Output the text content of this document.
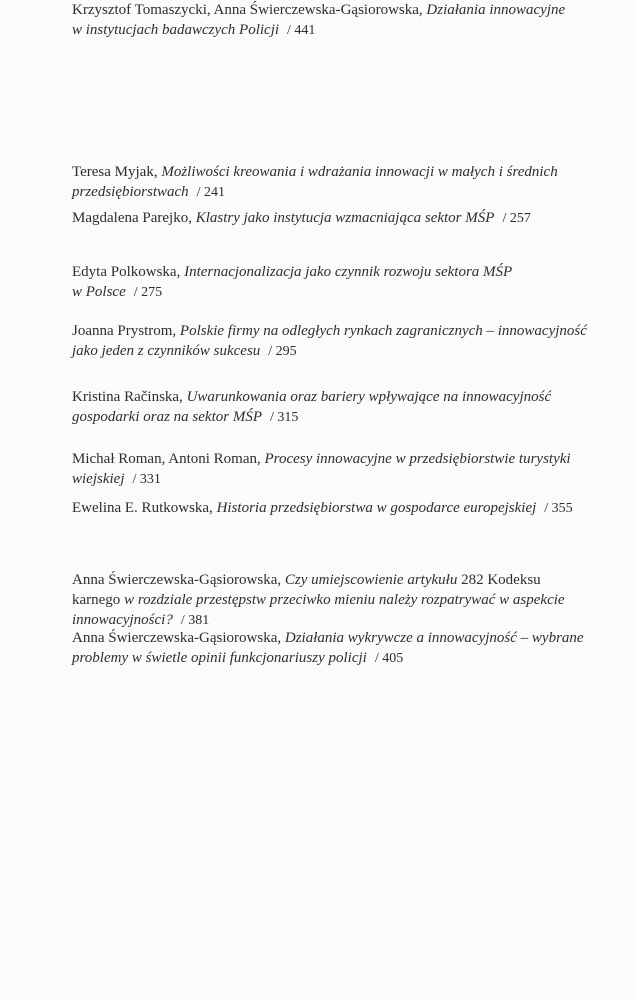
Teresa Myjak, Możliwości kreowania i wdrażania innowacji w małych i średnich
przedsiębiorstwach / 241
Magdalena Parejko, Klastry jako instytucja wzmacniająca sektor MŚP / 257
Edyta Polkowska, Internacjonalizacja jako czynnik rozwoju sektora MŚP
w Polsce / 275
Joanna Prystrom, Polskie firmy na odległych rynkach zagranicznych – innowacyjność
jako jeden z czynników sukcesu / 295
Kristina Račinska, Uwarunkowania oraz bariery wpływające na innowacyjność
gospodarki oraz na sektor MŚP / 315
Michał Roman, Antoni Roman, Procesy innowacyjne w przedsiębiorstwie turystyki
wiejskiej / 331
Ewelina E. Rutkowska, Historia przedsiębiorstwa w gospodarce europejskiej / 355
Anna Świerczewska-Gąsiorowska, Czy umiejscowienie artykułu 282 Kodeksu
karnego w rozdziale przestępstw przeciwko mieniu należy rozpatrywać w aspekcie
innowacyjności? / 381
Anna Świerczewska-Gąsiorowska, Działania wykrywcze a innowacyjność – wybrane
problemy w świetle opinii funkcjonariuszy policji / 405
Krzysztof Tomaszycki, Anna Świerczewska-Gąsiorowska, Działania innowacyjne
w instytucjach badawczych Policji / 441
